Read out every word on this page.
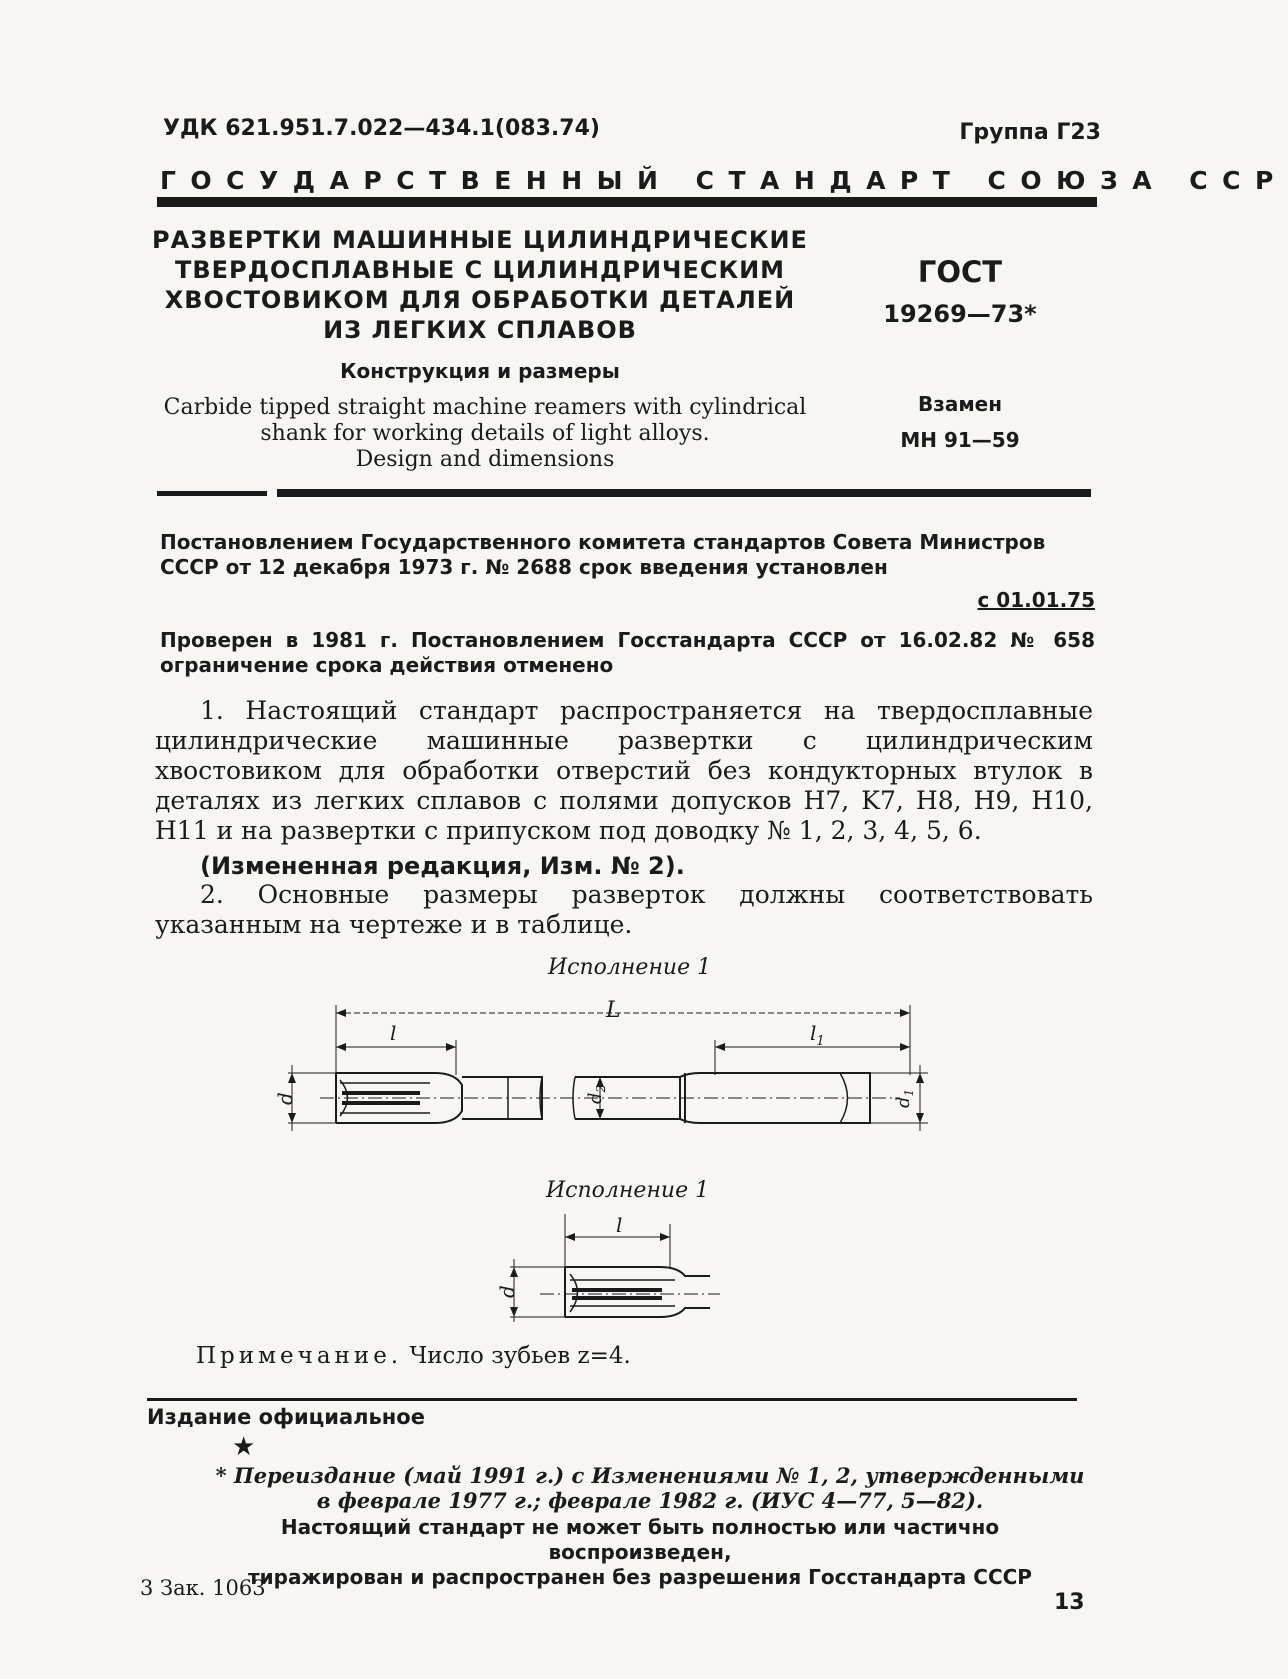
УДК 621.951.7.022—434.1(083.74)	Группа Г23
ГОСУДАРСТВЕННЫЙ СТАНДАРТ СОЮЗА ССР
РАЗВЕРТКИ МАШИННЫЕ ЦИЛИНДРИЧЕСКИЕ
ТВЕРДОСПЛАВНЫЕ С ЦИЛИНДРИЧЕСКИМ
ХВОСТОВИКОМ ДЛЯ ОБРАБОТКИ ДЕТАЛЕЙ
ИЗ ЛЕГКИХ СПЛАВОВ
Конструкция и размеры
Carbide tipped straight machine reamers with cylindrical
shank for working details of light alloys.
Design and dimensions
ГОСТ
19269—73*
Взамен
МН 91—59
Постановлением Государственного комитета стандартов Совета Министров СССР от 12 декабря 1973 г. № 2688 срок введения установлен
с 01.01.75
Проверен в 1981 г. Постановлением Госстандарта СССР от 16.02.82 № 658 ограничение срока действия отменено
1. Настоящий стандарт распространяется на твердосплавные цилиндрические машинные развертки с цилиндрическим хвостовиком для обработки отверстий без кондукторных втулок в деталях из легких сплавов с полями допусков H7, K7, H8, H9, H10, H11 и на развертки с припуском под доводку № 1, 2, 3, 4, 5, 6.
(Измененная редакция, Изм. № 2).
2. Основные размеры разверток должны соответствовать указанным на чертеже и в таблице.
Исполнение 1
L
l	$l_1$
d	$d_2$
$d_1$
Исполнение 1
l
d
Примечание. Число зубьев z=4.
Издание официальное
★
* Переиздание (май 1991 г.) с Изменениями № 1, 2, утвержденными
в феврале 1977 г.; феврале 1982 г. (ИУС 4—77, 5—82).
Настоящий стандарт не может быть полностью или частично воспроизведен,
тиражирован и распространен без разрешения Госстандарта СССР
3 Зак. 1063
13
